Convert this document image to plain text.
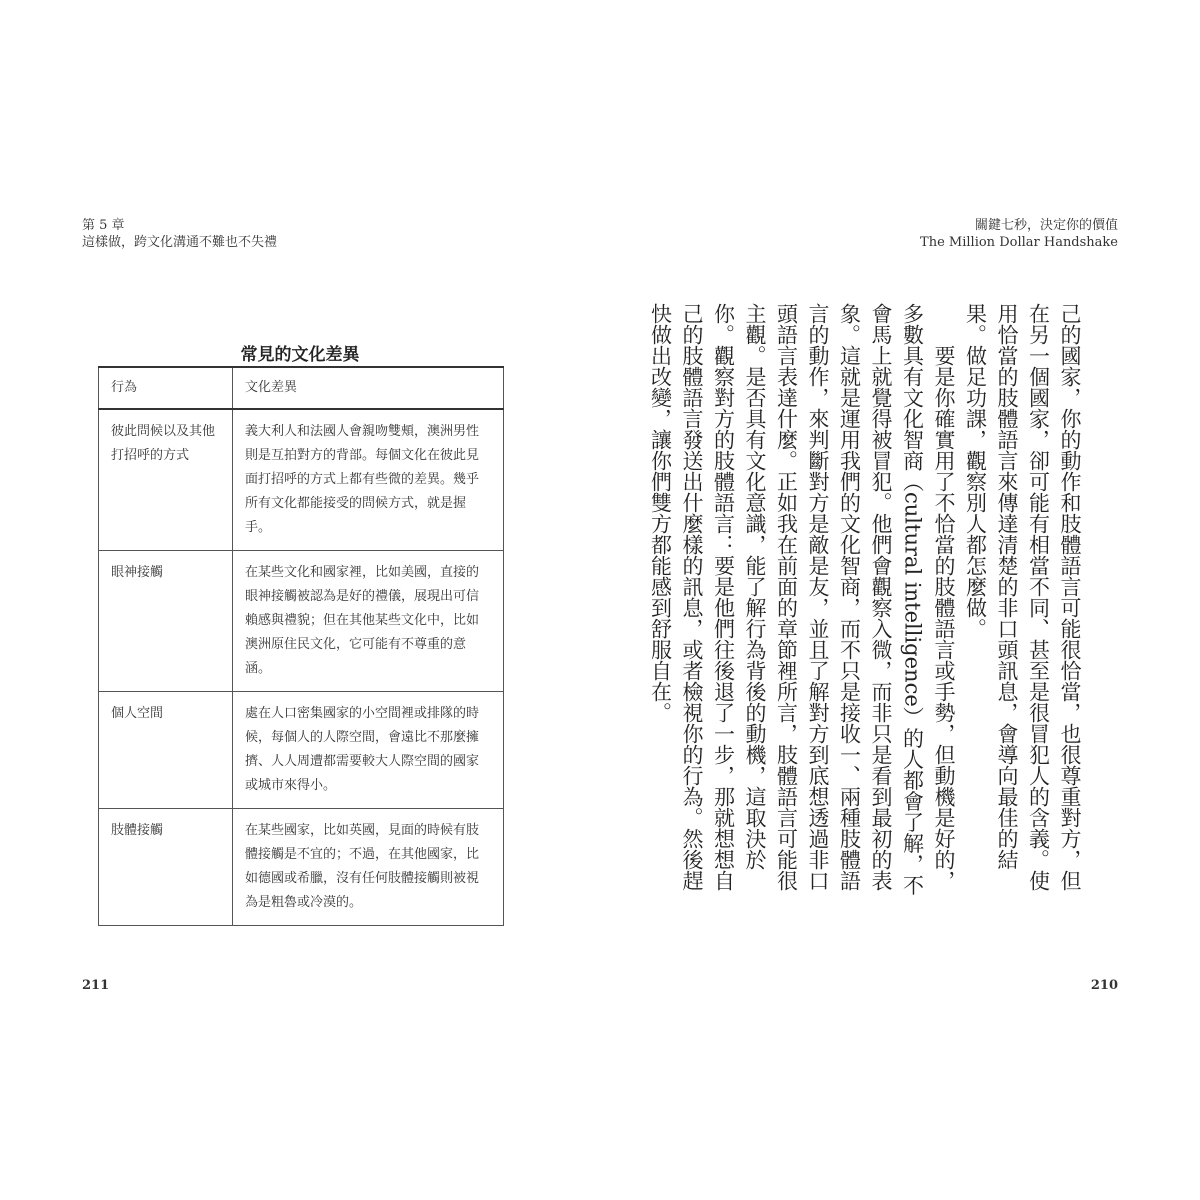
第 5 章
這樣做，跨文化溝通不難也不失禮
常見的文化差異
行為	文化差異
彼此問候以及其他打招呼的方式	義大利人和法國人會親吻雙頰，澳洲男性則是互拍對方的背部。每個文化在彼此見面打招呼的方式上都有些微的差異。幾乎所有文化都能接受的問候方式，就是握手。
眼神接觸	在某些文化和國家裡，比如美國，直接的眼神接觸被認為是好的禮儀，展現出可信賴感與禮貌；但在其他某些文化中，比如澳洲原住民文化，它可能有不尊重的意涵。
個人空間	處在人口密集國家的小空間裡或排隊的時候，每個人的人際空間，會遠比不那麼擁擠、人人周遭都需要較大人際空間的國家或城市來得小。
肢體接觸	在某些國家，比如英國，見面的時候有肢體接觸是不宜的；不過，在其他國家，比如德國或希臘，沒有任何肢體接觸則被視為是粗魯或冷漠的。
211
關鍵七秒，決定你的價值
The Million Dollar Handshake

己的國家，你的動作和肢體語言可能很恰當，也很尊重對方，但在另一個國家，卻可能有相當不同、甚至是很冒犯人的含義。使用恰當的肢體語言來傳達清楚的非口頭訊息，會導向最佳的結果。做足功課，觀察別人都怎麼做。

要是你確實用了不恰當的肢體語言或手勢，但動機是好的，多數具有文化智商（cultural intelligence）的人都會了解，不會馬上就覺得被冒犯。他們會觀察入微，而非只是看到最初的表象。這就是運用我們的文化智商，而不只是接收一、兩種肢體語言的動作，來判斷對方是敵是友，並且了解對方到底想透過非口頭語言表達什麼。正如我在前面的章節裡所言，肢體語言可能很主觀。是否具有文化意識，能了解行為背後的動機，這取決於你。觀察對方的肢體語言：要是他們往後退了一步，那就想想自己的肢體語言發送出什麼樣的訊息，或者檢視你的行為。然後趕快做出改變，讓你們雙方都能感到舒服自在。

210
